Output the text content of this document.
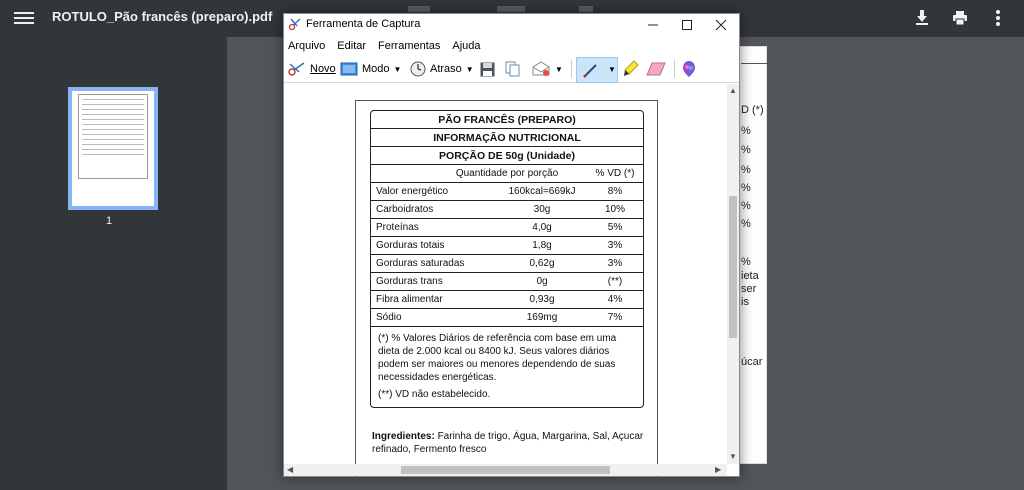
ROTULO_Pão francês (preparo).pdf
1
D (*)
%
%
%
%
%
%
%
ieta
ser
is
úcar
Ferramenta de Captura
Arquivo Editar Ferramentas Ajuda
Novo Modo ▼	Atraso ▼	▼	▼
PÃO FRANCÊS (PREPARO)
INFORMAÇÃO NUTRICIONAL
PORÇÃO DE 50g (Unidade)
Quantidade por porção	% VD (*)
Valor energético	160kcal=669kJ	8%
Carboidratos	30g	10%
Proteínas	4,0g	5%
Gorduras totais	1,8g	3%
Gorduras saturadas	0,62g	3%
Gorduras trans	0g	(**)
Fibra alimentar	0,93g	4%
Sódio	169mg	7%

(*) % Valores Diários de referência com base em uma dieta de 2.000 kcal ou 8400 kJ. Seus valores diários podem ser maiores ou menores dependendo de suas necessidades energéticas.

(**) VD não estabelecido.

Ingredientes: Farinha de trigo, Água, Margarina, Sal, Açucar refinado, Fermento fresco
▲
▼
◀	▶
